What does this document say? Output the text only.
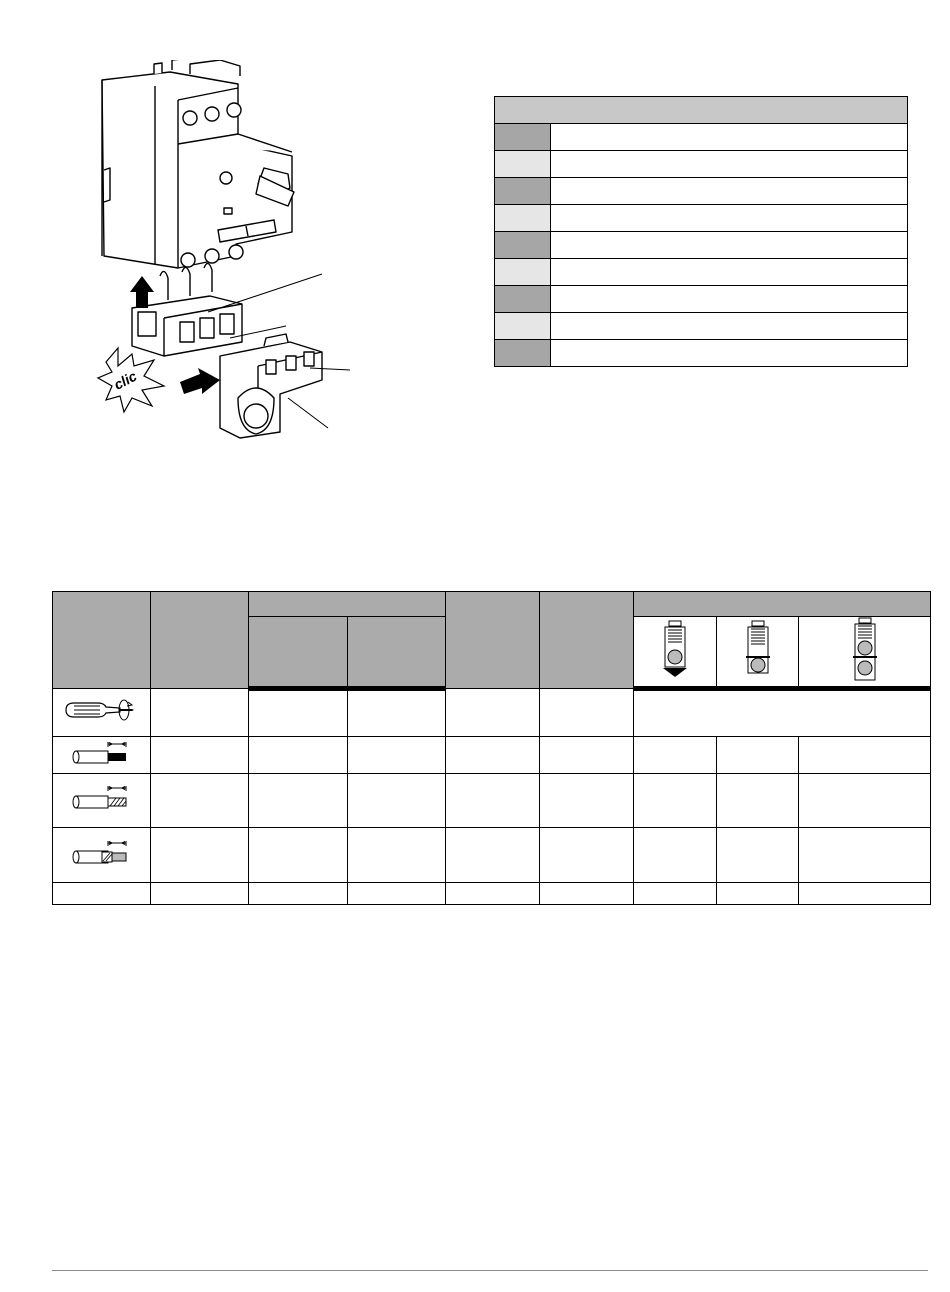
clic
